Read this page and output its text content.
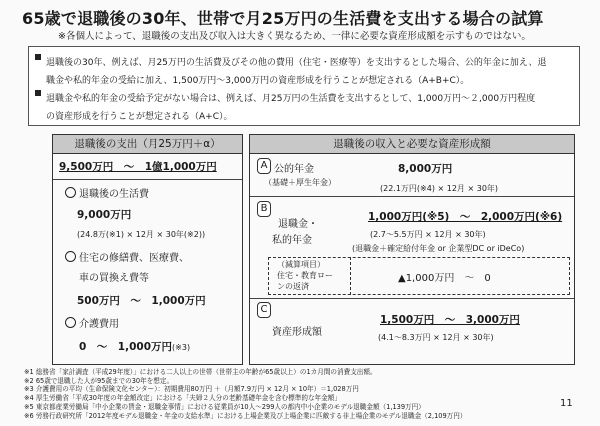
65歳で退職後の30年、世帯で月25万円の生活費を支出する場合の試算
※各個人によって、退職後の支出及び収入は大きく異なるため、一律に必要な資産形成額を示すものではない。
退職後の30年、例えば、月25万円の生活費及びその他の費用（住宅・医療等）を支出するとした場合、公的年金に加え、退
職金や私的年金の受給に加え、1,500万円～3,000万円の資産形成を行うことが想定される（A+B+C）。
退職金や私的年金の受給予定がない場合は、例えば、月25万円の生活費を支出するとして、1,000万円～２,000万円程度
の資産形成を行うことが想定される（A+C）。
退職後の支出（月25万円＋α）
9,500万円　～　1億1,000万円
退職後の生活費
9,000万円
(24.8万(※1) × 12月 × 30年(※2))
住宅の修繕費、医療費、
車の買換え費等
500万円　～　1,000万円
介護費用
0　～　1,000万円(※3)
退職後の収入と必要な資産形成額
A 公的年金
（基礎＋厚生年金）
8,000万円
(22.1万円(※4) × 12月 × 30年)
B
退職金・
私的年金
1,000万円(※5)　～　2,000万円(※6)
(2.7～5.5万円 × 12月 × 30年)
(退職金＋確定給付年金 or 企業型DC or iDeCo)
（減算項目）
住宅・教育ロー
ンの返済
▲1,000万円　～　0
C
資産形成額
1,500万円　～　3,000万円
(4.1～8.3万円 × 12月 × 30年)
※1 総務省「家計調査（平成29年度）」における二人以上の世帯（世帯主の年齢が65歳以上）の1カ月間の消費支出額。
※2 65歳で退職した人が95歳までの30年を想定。
※3 介護費用の平均（生命保険文化センター）：初期費用80万円 ＋（月額7.9万円 × 12月 × 10年）＝1,028万円
※4 厚生労働省「平成30年度の年金額改定」における「夫婦２人分の老齢基礎年金を含む標準的な年金額」
※5 東京都産業労働局「中小企業の賃金・退職金事情」における従業員が10人～299人の都内中小企業のモデル退職金額（1,139万円）
※6 労務行政研究所「2012年度モデル退職金・年金の支給水準」における上場企業及び上場企業に匹敵する非上場企業のモデル退職金（2,109万円）
11
